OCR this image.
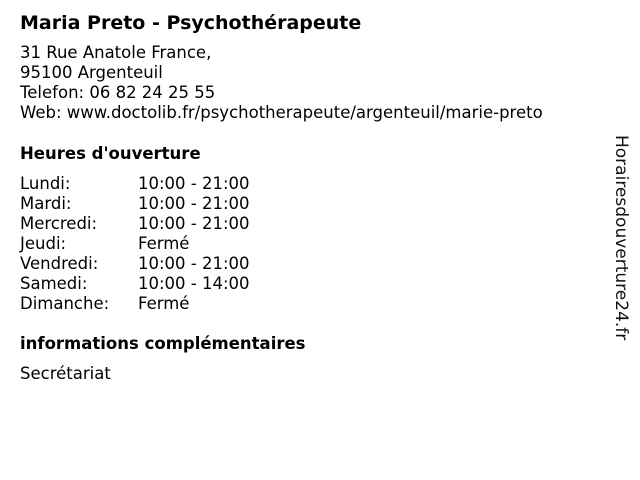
Maria Preto - Psychothérapeute
31 Rue Anatole France,
95100 Argenteuil
Telefon: 06 82 24 25 55
Web: www.doctolib.fr/psychotherapeute/argenteuil/marie-preto
Heures d'ouverture
Lundi:	10:00 - 21:00
Mardi:	10:00 - 21:00
Mercredi:	10:00 - 21:00
Jeudi:	Fermé
Vendredi:	10:00 - 21:00
Samedi:	10:00 - 14:00
Dimanche:	Fermé
informations complémentaires
Secrétariat
Horairesdouverture24.fr
